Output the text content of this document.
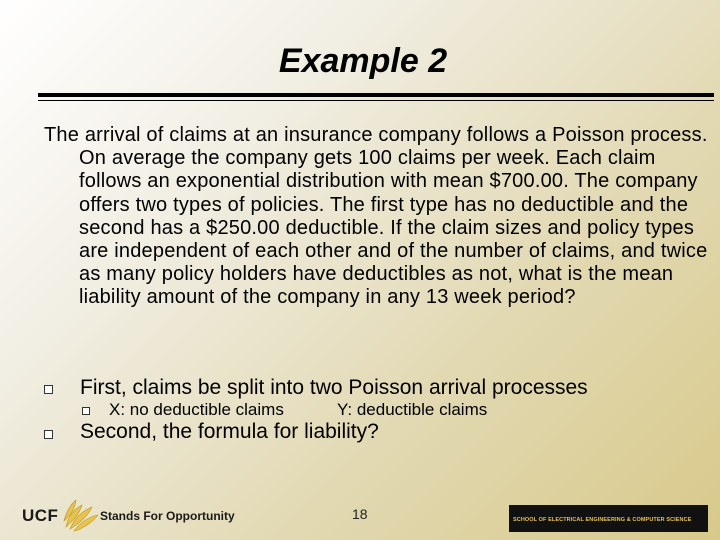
Example 2

The arrival of claims at an insurance company follows a Poisson process. On average the company gets 100 claims per week. Each claim follows an exponential distribution with mean $700.00. The company offers two types of policies. The first type has no deductible and the second has a $250.00 deductible. If the claim sizes and policy types are independent of each other and of the number of claims, and twice as many policy holders have deductibles as not, what is the mean liability amount of the company in any 13 week period?

First, claims be split into two Poisson arrival processes
X: no deductible claims	Y: deductible claims
Second, the formula for liability?
UCF	Stands For Opportunity	18	SCHOOL OF ELECTRICAL ENGINEERING & COMPUTER SCIENCE
